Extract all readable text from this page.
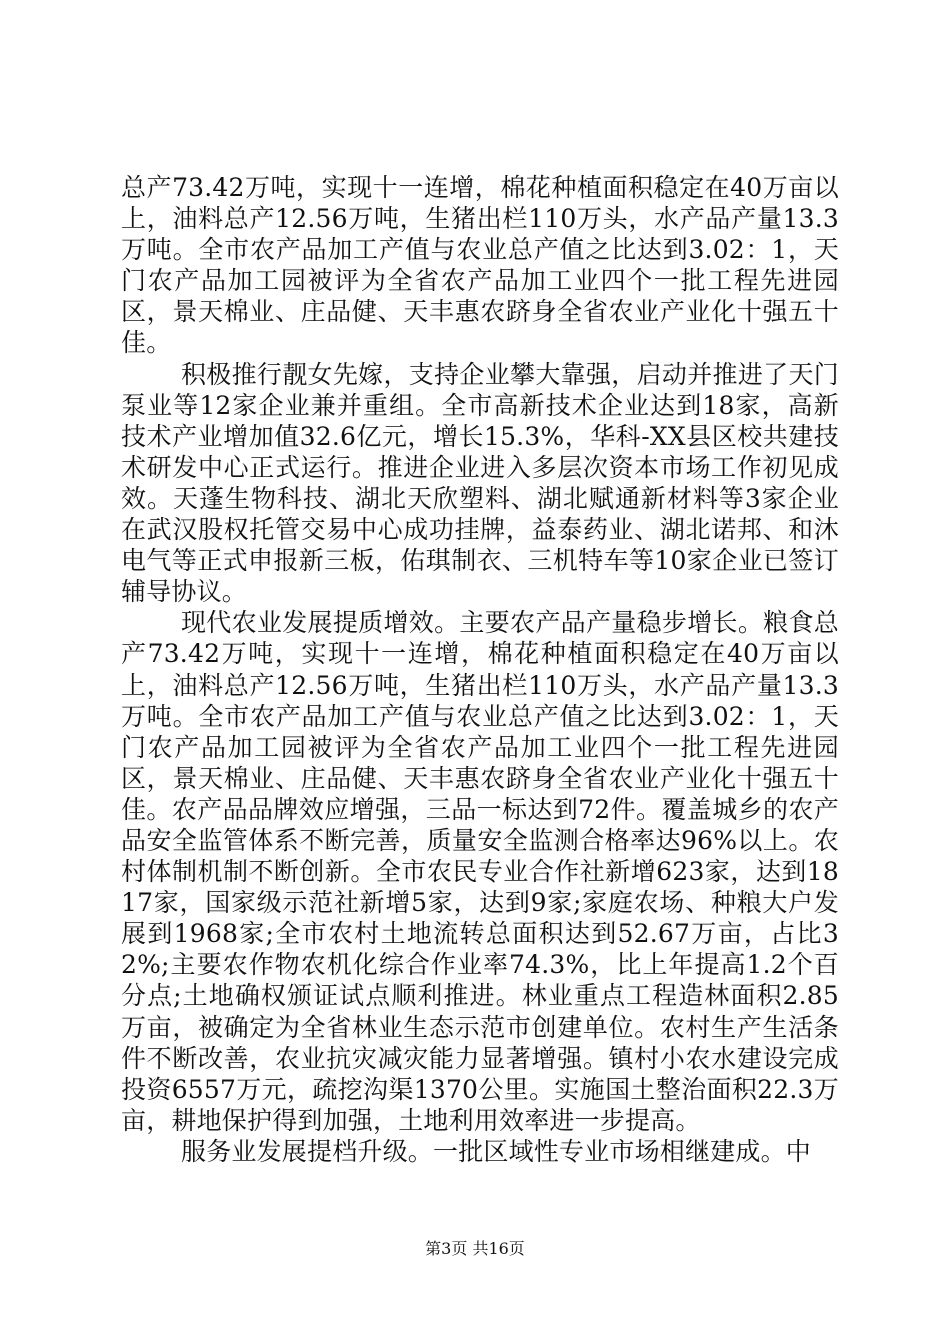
总产73.42万吨，实现十一连增，棉花种植面积稳定在40万亩以上，油料总产12.56万吨，生猪出栏110万头，水产品产量13.3万吨。全市农产品加工产值与农业总产值之比达到3.02：1，天门农产品加工园被评为全省农产品加工业四个一批工程先进园区，景天棉业、庄品健、天丰惠农跻身全省农业产业化十强五十佳。

积极推行靓女先嫁，支持企业攀大靠强，启动并推进了天门泵业等12家企业兼并重组。全市高新技术企业达到18家，高新技术产业增加值32.6亿元，增长15.3%，华科-XX县区校共建技术研发中心正式运行。推进企业进入多层次资本市场工作初见成效。天蓬生物科技、湖北天欣塑料、湖北赋通新材料等3家企业在武汉股权托管交易中心成功挂牌，益泰药业、湖北诺邦、和沐电气等正式申报新三板，佑琪制衣、三机特车等10家企业已签订辅导协议。

现代农业发展提质增效。主要农产品产量稳步增长。粮食总产73.42万吨，实现十一连增，棉花种植面积稳定在40万亩以上，油料总产12.56万吨，生猪出栏110万头，水产品产量13.3万吨。全市农产品加工产值与农业总产值之比达到3.02：1，天门农产品加工园被评为全省农产品加工业四个一批工程先进园区，景天棉业、庄品健、天丰惠农跻身全省农业产业化十强五十佳。农产品品牌效应增强，三品一标达到72件。覆盖城乡的农产品安全监管体系不断完善，质量安全监测合格率达96%以上。农村体制机制不断创新。全市农民专业合作社新增623家，达到1817家，国家级示范社新增5家，达到9家;家庭农场、种粮大户发展到1968家;全市农村土地流转总面积达到52.67万亩，占比32%;主要农作物农机化综合作业率74.3%，比上年提高1.2个百分点;土地确权颁证试点顺利推进。林业重点工程造林面积2.85万亩，被确定为全省林业生态示范市创建单位。农村生产生活条件不断改善，农业抗灾减灾能力显著增强。镇村小农水建设完成投资6557万元，疏挖沟渠1370公里。实施国土整治面积22.3万亩，耕地保护得到加强，土地利用效率进一步提高。

服务业发展提档升级。一批区域性专业市场相继建成。中

第3页 共16页
